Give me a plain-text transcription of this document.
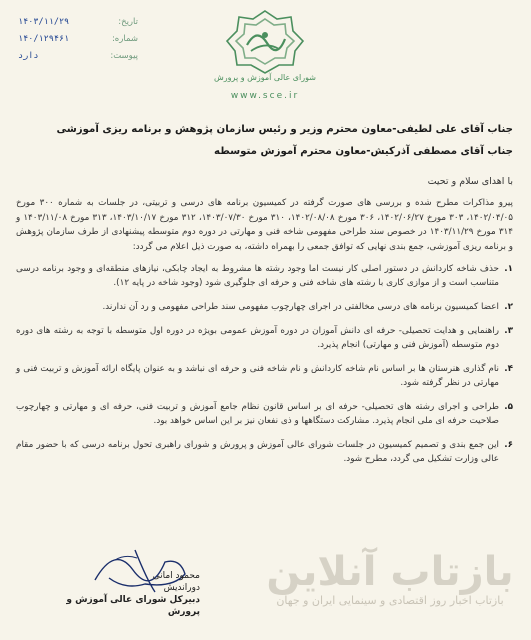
تاریخ:
۱۴۰۳/۱۱/۲۹
شماره:
۱۴۰/۱۲۹۴۶۱
پیوست:
دارد
شورای عالی آموزش و پرورش
www.sce.ir
جناب آقای علی لطیفی-معاون محترم وزیر و رئیس سازمان پژوهش و برنامه ریزی آموزشی
جناب آقای مصطفی آذرکیش-معاون محترم آموزش متوسطه
با اهدای سلام و تحیت
پیرو مذاکرات مطرح شده و بررسی های صورت گرفته در کمیسیون برنامه های درسی و تربیتی، در جلسات به شماره ۳۰۰ مورخ ۱۴۰۲/۰۴/۰۵، ۳۰۳ مورخ ۱۴۰۲/۰۶/۲۷، ۳۰۶ مورخ ۱۴۰۲/۰۸/۰۸، ۳۱۰ مورخ ۱۴۰۳/۰۷/۳۰، ۳۱۲ مورخ ۱۴۰۳/۱۰/۱۷، ۳۱۳ مورخ ۱۴۰۳/۱۱/۰۸ و ۳۱۴ مورخ ۱۴۰۳/۱۱/۲۹ در خصوص سند طراحی مفهومی شاخه فنی و مهارتی در دوره دوم متوسطه پیشنهادی از طرف سازمان پژوهش و برنامه ریزی آموزشی، جمع بندی نهایی که توافق جمعی را بهمراه داشته، به صورت ذیل اعلام می گردد:
۱.
حذف شاخه کاردانش در دستور اصلی کار نیست اما وجود رشته ها مشروط به ایجاد چابکی، نیازهای منطقه‌ای و وجود برنامه درسی متناسب است و از موازی کاری با رشته های شاخه فنی و حرفه ای جلوگیری شود (وجود شاخه در پایه ۱۲).
۲.
اعضا کمیسیون برنامه های درسی مخالفتی در اجرای چهارچوب مفهومی سند طراحی مفهومی و رد آن ندارند.
۳.
راهنمایی و هدایت تحصیلی- حرفه ای دانش آموزان در دوره آموزش عمومی بویژه در دوره اول متوسطه با توجه به رشته های دوره دوم متوسطه (آموزش فنی و مهارتی) انجام پذیرد.
۴.
نام گذاری هنرستان ها بر اساس نام شاخه کاردانش و نام شاخه فنی و حرفه ای نباشد و به عنوان پایگاه ارائه آموزش و تربیت فنی و مهارتی در نظر گرفته شود.
۵.
طراحی و اجرای رشته های تحصیلی- حرفه ای بر اساس قانون نظام جامع آموزش و تربیت فنی، حرفه ای و مهارتی و چهارچوب صلاحیت حرفه ای ملی انجام پذیرد. مشارکت دستگاهها و ذی نفعان نیز بر این اساس خواهد بود.
۶.
این جمع بندی و تصمیم کمیسیون در جلسات شورای عالی آموزش و پرورش و شورای راهبری تحول برنامه درسی که با حضور مقام عالی وزارت تشکیل می گردد، مطرح شود.
محمود امانی
دوراندیش
دبیرکل شورای عالی آموزش و پرورش
بازتاب آنلاین
بازتاب اخبار روز اقتصادی و سینمایی ایران و جهان
